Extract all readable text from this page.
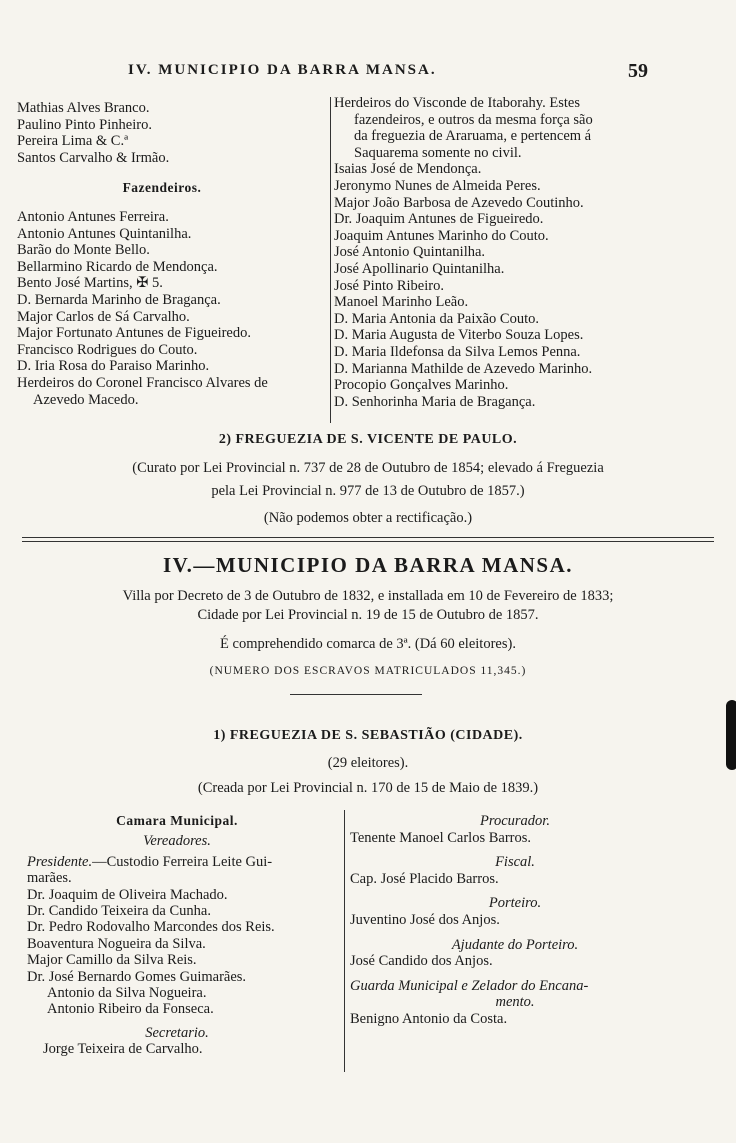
IV. MUNICIPIO DA BARRA MANSA.	59
Mathias Alves Branco.
Paulino Pinto Pinheiro.
Pereira Lima & C.ª
Santos Carvalho & Irmão.
Fazendeiros.
Antonio Antunes Ferreira.
Antonio Antunes Quintanilha.
Barão do Monte Bello.
Bellarmino Ricardo de Mendonça.
Bento José Martins, ✠ 5.
D. Bernarda Marinho de Bragança.
Major Carlos de Sá Carvalho.
Major Fortunato Antunes de Figueiredo.
Francisco Rodrigues do Couto.
D. Iria Rosa do Paraiso Marinho.
Herdeiros do Coronel Francisco Alvares de
Azevedo Macedo.
Herdeiros do Visconde de Itaborahy. Estes
fazendeiros, e outros da mesma força são
da freguezia de Araruama, e pertencem á
Saquarema somente no civil.
Isaias José de Mendonça.
Jeronymo Nunes de Almeida Peres.
Major João Barbosa de Azevedo Coutinho.
Dr. Joaquim Antunes de Figueiredo.
Joaquim Antunes Marinho do Couto.
José Antonio Quintanilha.
José Apollinario Quintanilha.
José Pinto Ribeiro.
Manoel Marinho Leão.
D. Maria Antonia da Paixão Couto.
D. Maria Augusta de Viterbo Souza Lopes.
D. Maria Ildefonsa da Silva Lemos Penna.
D. Marianna Mathilde de Azevedo Marinho.
Procopio Gonçalves Marinho.
D. Senhorinha Maria de Bragança.
2) FREGUEZIA DE S. VICENTE DE PAULO.
(Curato por Lei Provincial n. 737 de 28 de Outubro de 1854; elevado á Freguezia
pela Lei Provincial n. 977 de 13 de Outubro de 1857.)
(Não podemos obter a rectificação.)
IV.—MUNICIPIO DA BARRA MANSA.
Villa por Decreto de 3 de Outubro de 1832, e installada em 10 de Fevereiro de 1833;
Cidade por Lei Provincial n. 19 de 15 de Outubro de 1857.
É comprehendido comarca de 3ª. (Dá 60 eleitores).
(NUMERO DOS ESCRAVOS MATRICULADOS 11,345.)
1) FREGUEZIA DE S. SEBASTIÃO (CIDADE).
(29 eleitores).
(Creada por Lei Provincial n. 170 de 15 de Maio de 1839.)
Camara Municipal.
Vereadores.
Presidente.—Custodio Ferreira Leite Gui-
marães.
Dr. Joaquim de Oliveira Machado.
Dr. Candido Teixeira da Cunha.
Dr. Pedro Rodovalho Marcondes dos Reis.
Boaventura Nogueira da Silva.
Major Camillo da Silva Reis.
Dr. José Bernardo Gomes Guimarães.
Antonio da Silva Nogueira.
Antonio Ribeiro da Fonseca.
Secretario.
Jorge Teixeira de Carvalho.
Procurador.
Tenente Manoel Carlos Barros.
Fiscal.
Cap. José Placido Barros.
Porteiro.
Juventino José dos Anjos.
Ajudante do Porteiro.
José Candido dos Anjos.
Guarda Municipal e Zelador do Encana-
mento.
Benigno Antonio da Costa.
